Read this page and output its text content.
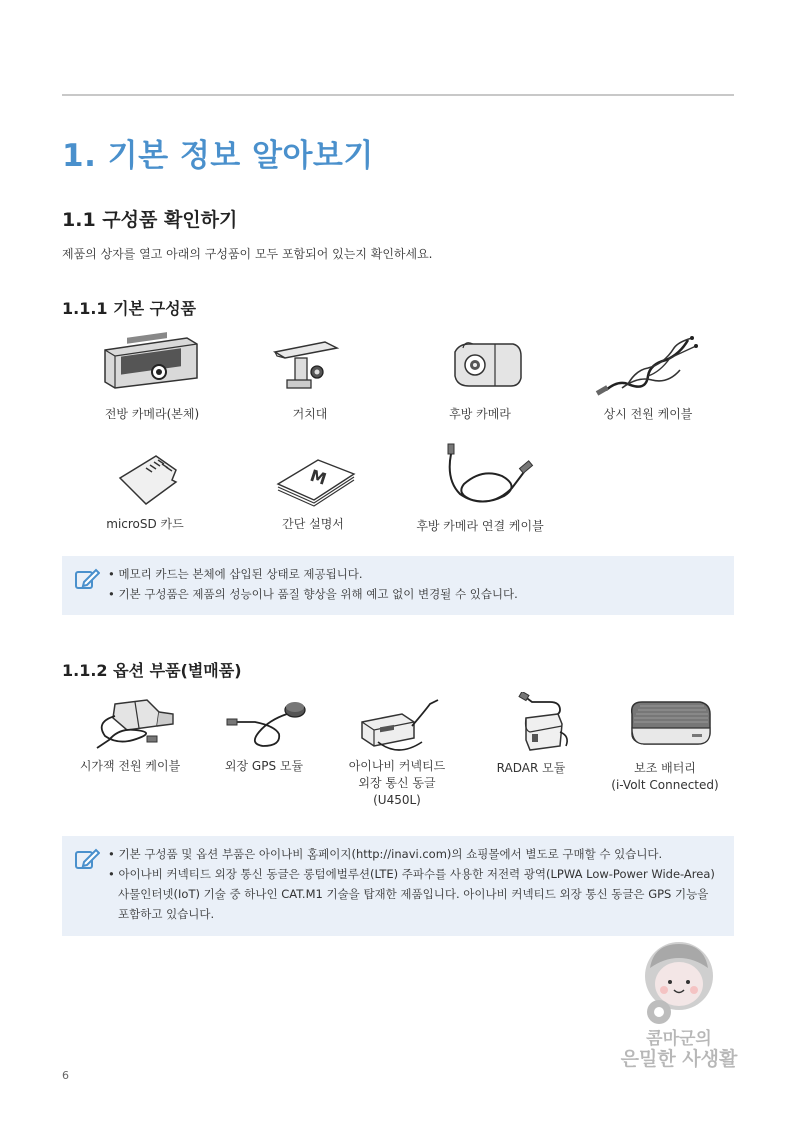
1. 기본 정보 알아보기
1.1 구성품 확인하기
제품의 상자를 열고 아래의 구성품이 모두 포함되어 있는지 확인하세요.
1.1.1 기본 구성품
전방 카메라(본체)	거치대	후방 카메라	상시 전원 케이블
microSD 카드
M
간단 설명서	후방 카메라 연결 케이블
• 메모리 카드는 본체에 삽입된 상태로 제공됩니다.
• 기본 구성품은 제품의 성능이나 품질 향상을 위해 예고 없이 변경될 수 있습니다.
1.1.2 옵션 부품(별매품)
시가잭 전원 케이블	외장 GPS 모듈	아이나비 커넥티드
외장 통신 동글
(U450L)
RADAR 모듈	보조 배터리
(i-Volt Connected)
• 기본 구성품 및 옵션 부품은 아이나비 홈페이지(http://inavi.com)의 쇼핑몰에서 별도로 구매할 수 있습니다.
• 아이나비 커넥티드 외장 통신 동글은 롱텀에벌루션(LTE) 주파수를 사용한 저전력 광역(LPWA Low-Power Wide-Area) 사물인터넷(IoT) 기술 중 하나인 CAT.M1 기술을 탑재한 제품입니다. 아이나비 커넥티드 외장 통신 동글은 GPS 기능을 포함하고 있습니다.
6
콤마군의
은밀한 사생활
